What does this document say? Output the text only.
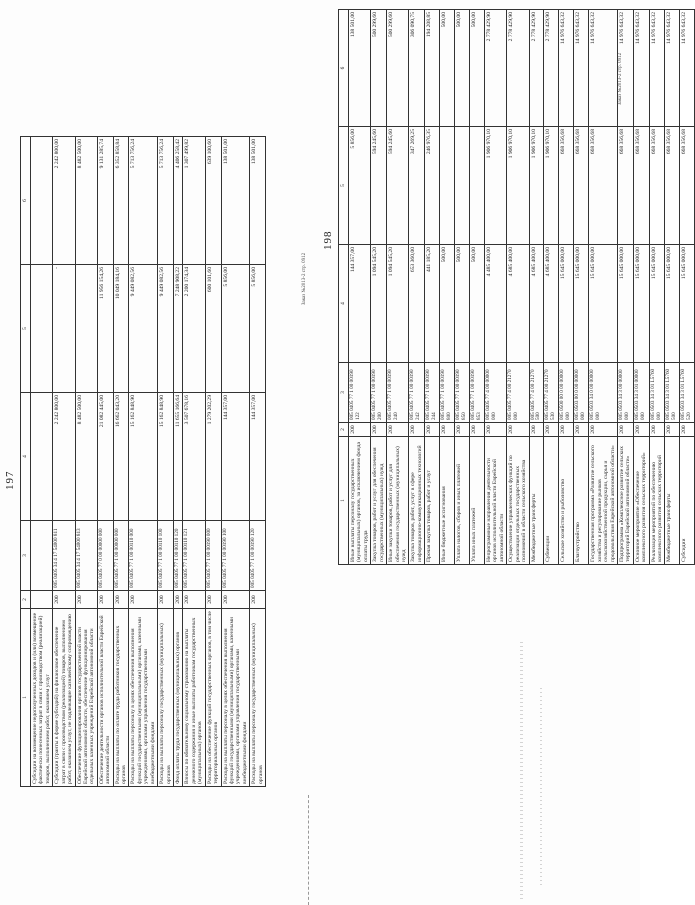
197
1	2	3	4	5	6
Субсидии на возмещение недополученных доходов и (или) возмещение фактически понесенных затрат в связи с производством (реализацией) товаров, выполнением работ, оказанием услуг					
Субсидии (гранты в форме субсидий) на финансовое обеспечение затрат в связи с производством (реализацией) товаров, выполнением работ, оказанием услуг, не подлежащие казначейскому сопровождению	200	005 0405 34 4 17 54000 811	2 242 800,00	-	2 242 800,00
Обеспечение функционирования органов государственной власти Еврейской автономной области, обеспечение функционирования отдельных казенных учреждений Еврейской автономной области	200	005 0405 34 4 17 54000 813	8 482 500,00		8 482 500,00
Обеспечение деятельности органов исполнительной власти Еврейской автономной области	200	005 0405 77 0 00 00000 000	21 082 445,00	11 956 154,26	9 131 285,74
Расходы на выплаты по оплате труда работников государственных органов	200	005 0405 77 1 00 00000 000	16 662 043,20	10 049 184,16	6 352 858,84
Расходы на выплаты персоналу в целях обеспечения выполнения функций государственными (муниципальными) органами, казенными учреждениями, органами управления государственными внебюджетными фондами	200	005 0405 77 1 00 00110 000	15 162 848,90	9 449 082,56	5 713 756,24
Расходы на выплаты персоналу государственных (муниципальных) органов	200	005 0405 77 1 00 00110 100	15 162 848,90	9 449 082,56	5 713 756,24
Фонд оплаты труда государственных (муниципальных) органов	200	005 0405 77 1 00 00110 120	11 655 166,64	7 248 908,22	4 406 258,42
Взносы по обязательному социальному страхованию на выплаты денежного содержания и иные выплаты работникам государственных (муниципальных) органов	200	005 0405 77 1 00 00110 121	3 507 678,16	2 200 174,34	1 307 499,82
Расходы на обеспечение функций государственных органов, в том числе территориальных органов	200	005 0405 77 1 00 00190 000	1 279 202,29	600 101,60	639 100,60
Расходы на выплаты персоналу в целях обеспечения выполнения функций государственными (муниципальными) органами, казенными учреждениями, органами управления государственными внебюджетными фондами	200	005 0405 77 1 00 00190 100	144 357,00	5 856,00	138 501,00
Расходы на выплаты персоналу государственных (муниципальных) органов	200	005 0405 77 1 00 00190 120	144 357,00	5 856,00	138 501,00
Заказ №2013-2 стр. 0912
198
1	2	3	4	5	6
Иные выплаты персоналу государственных (муниципальных) органов, за исключением фонда оплаты труда	200	005 0405 77 1 00 00190 122	144 357,00	5 856,00	138 501,00
Закупка товаров, работ и услуг для обеспечения государственных (муниципальных) нужд	200	005 0405 77 1 00 00190 200	1 094 545,20	594 245,60	500 299,60
Иные закупки товаров, работ и услуг для обеспечения государственных (муниципальных) нужд	200	005 0405 77 1 00 00190 240	1 094 545,20	594 245,60	500 299,60
Закупка товаров, работ, услуг в сфере информационно-коммуникационных технологий	200	005 0405 77 1 00 00190 242	653 360,00	347 269,25	306 090,75
Прочая закупка товаров, работ и услуг	200	005 0405 77 1 00 00190 244	441 185,20	246 976,35	194 208,85
Иные бюджетные ассигнования	200	005 0405 77 1 00 00190 800	500,00		500,00
Уплата налогов, сборов и иных платежей	200	005 0405 77 1 00 00190 850	500,00		500,00
Уплата иных платежей	200	005 0405 77 1 00 00190 853	500,00		500,00
Непрограммные направления деятельности органов исполнительной власти Еврейской автономной области	200	005 0405 77 4 00 00000 000	4 485 400,00	1 906 970,10	2 778 429,90
Осуществление управленческих функций по реализации отдельных государственных полномочий в области сельского хозяйства	200	005 0405 77 4 00 21270 000	4 685 400,00	1 906 970,10	2 778 429,90
Межбюджетные трансферты	200	005 0405 77 4 00 21270 500	4 685 400,00	1 906 970,10	2 778 429,90
Субвенции	200	005 0405 77 4 00 21270 530	4 685 400,00	1 906 970,10	2 778 429,90
Сельское хозяйство и рыболовство	200	005 0500 00 0 00 00000 000	15 645 000,00	668 356,68	14 976 643,32
Благоустройство	200	005 0503 00 0 00 00000 000	15 645 000,00	668 356,68	14 976 643,32
Государственная программа «Развитие сельского хозяйства и регулирование рынков сельскохозяйственной продукции, сырья и продовольствия Еврейской автономной области»	200	005 0503 34 0 00 00000 000	15 645 000,00	668 356,68	14 976 643,32
Подпрограмма «Комплексное развитие сельских территорий Еврейской автономной области»	200	005 0503 34 3 00 00000 000	15 645 000,00	668 356,68	14 976 643,32
Основное мероприятие «Обеспечение комплексного развития сельских территорий»	200	005 0503 34 3 01 00000 000	15 645 000,00	668 356,68	14 976 643,32
Реализация мероприятий по обеспечению комплексного развития сельских территорий	200	005 0503 34 3 01 L5760 000	15 645 000,00	668 356,68	14 976 643,32
Межбюджетные трансферты	200	005 0503 34 3 01 L5760 500	15 645 000,00	668 356,68	14 976 643,32
Субсидии	200	005 0503 34 3 01 L5760 520	15 645 000,00	668 356,68	14 976 643,32
Заказ №2013-2 стр. 0912
